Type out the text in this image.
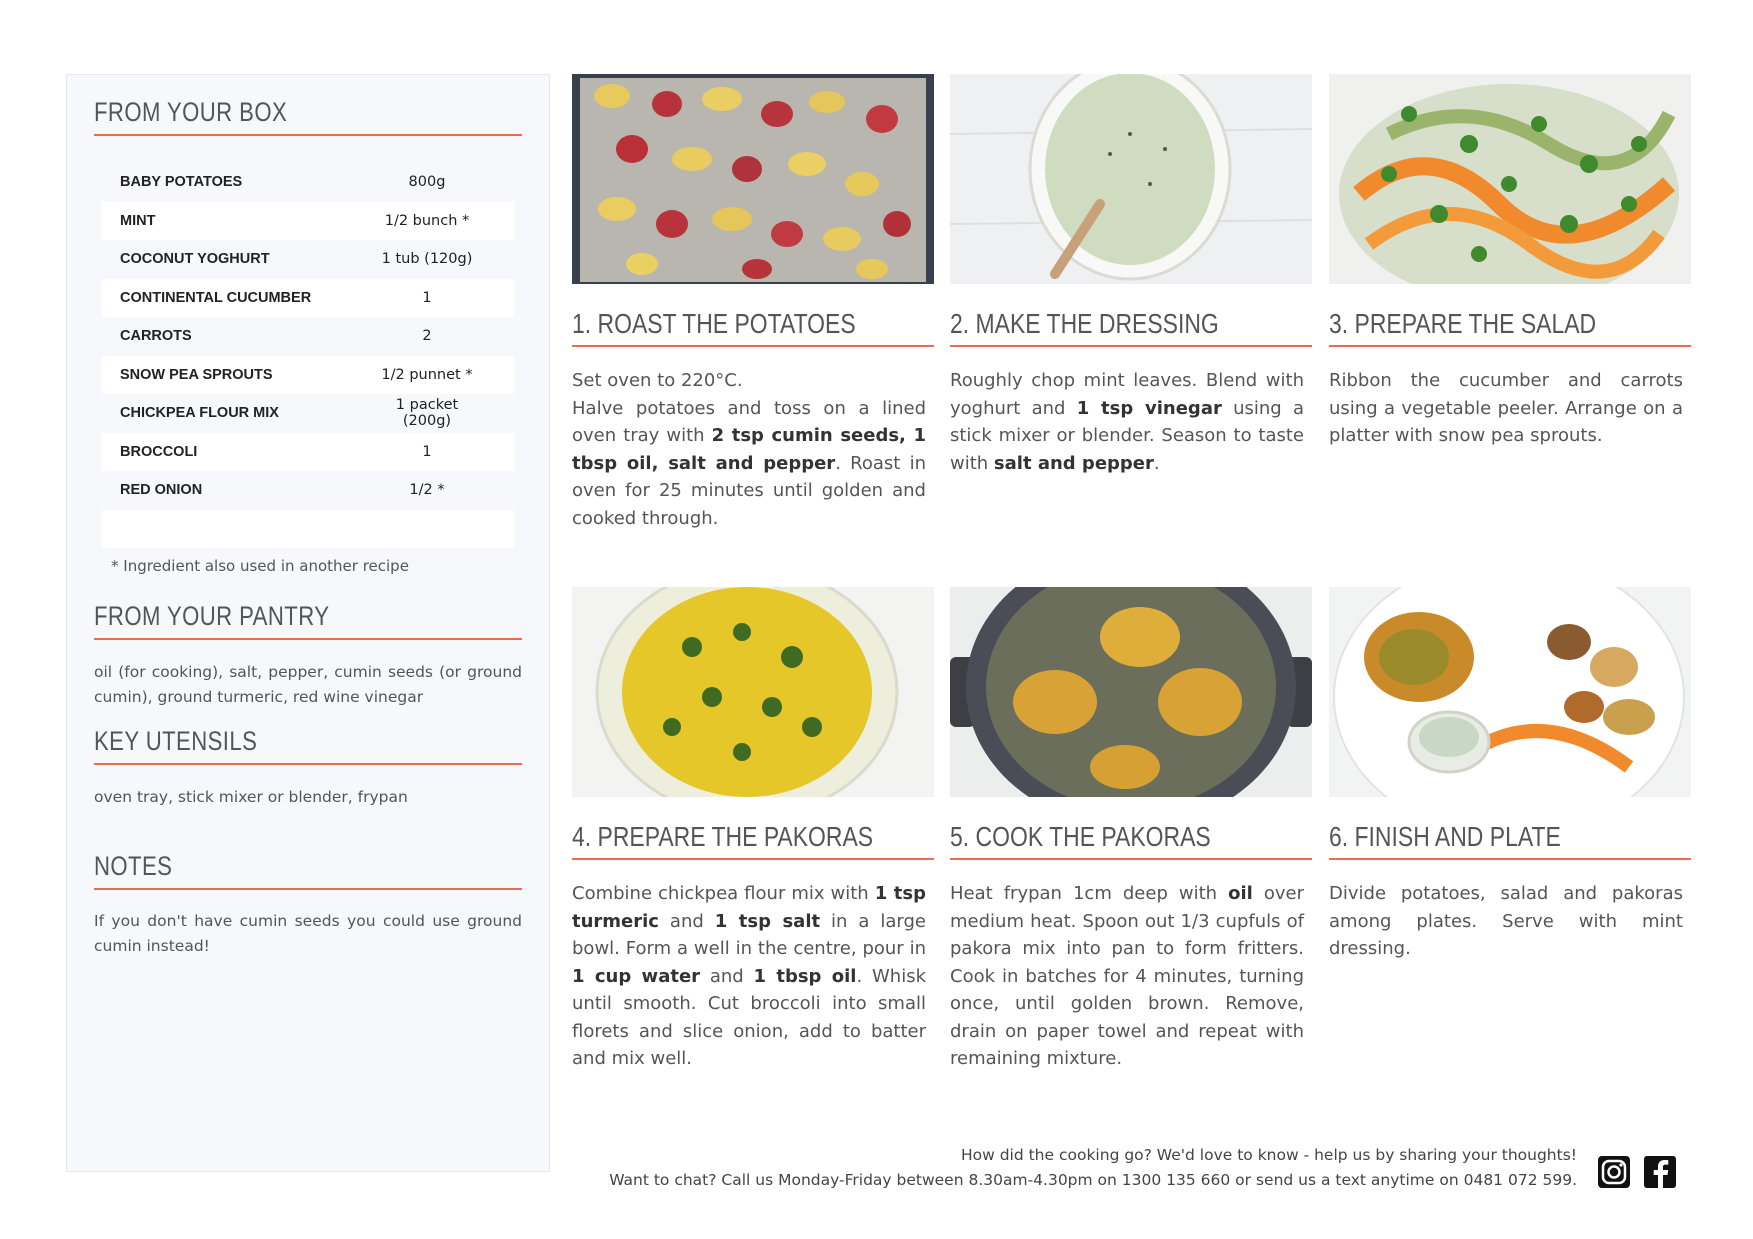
FROM YOUR BOX
BABY POTATOES	800g
MINT	1/2 bunch *
COCONUT YOGHURT	1 tub (120g)
CONTINENTAL CUCUMBER	1
CARROTS	2
SNOW PEA SPROUTS	1/2 punnet *
CHICKPEA FLOUR MIX	1 packet (200g)
BROCCOLI	1
RED ONION	1/2 *
* Ingredient also used in another recipe
FROM YOUR PANTRY
oil (for cooking), salt, pepper, cumin seeds (or ground cumin), ground turmeric, red wine vinegar
KEY UTENSILS
oven tray, stick mixer or blender, frypan
NOTES
If you don't have cumin seeds you could use ground cumin instead!
1. ROAST THE POTATOES
Set oven to 220°C.
Halve potatoes and toss on a lined oven tray with 2 tsp cumin seeds, 1 tbsp oil, salt and pepper. Roast in oven for 25 minutes until golden and cooked through.
2. MAKE THE DRESSING
Roughly chop mint leaves. Blend with yoghurt and 1 tsp vinegar using a stick mixer or blender. Season to taste with salt and pepper.
3. PREPARE THE SALAD
Ribbon the cucumber and carrots using a vegetable peeler. Arrange on a platter with snow pea sprouts.
4. PREPARE THE PAKORAS
Combine chickpea flour mix with 1 tsp turmeric and 1 tsp salt in a large bowl. Form a well in the centre, pour in 1 cup water and 1 tbsp oil. Whisk until smooth. Cut broccoli into small florets and slice onion, add to batter and mix well.
5. COOK THE PAKORAS
Heat frypan 1cm deep with oil over medium heat. Spoon out 1/3 cupfuls of pakora mix into pan to form fritters. Cook in batches for 4 minutes, turning once, until golden brown. Remove, drain on paper towel and repeat with remaining mixture.
6. FINISH AND PLATE
Divide potatoes, salad and pakoras among plates. Serve with mint dressing.
How did the cooking go? We'd love to know - help us by sharing your thoughts!
Want to chat? Call us Monday-Friday between 8.30am-4.30pm on 1300 135 660 or send us a text anytime on 0481 072 599.
